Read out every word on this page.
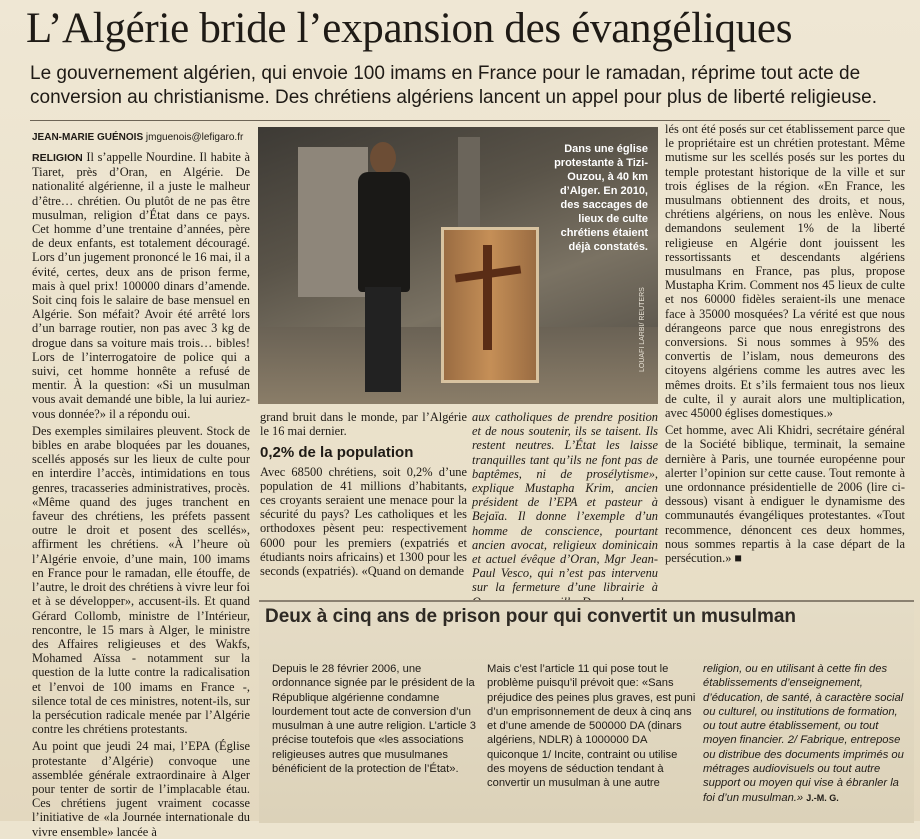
L’Algérie bride l’expansion des évangéliques
Le gouvernement algérien, qui envoie 100 imams en France pour le ramadan, réprime tout acte de conversion au christianisme. Des chrétiens algériens lancent un appel pour plus de liberté religieuse.
JEAN-MARIE GUÉNOIS jmguenois@lefigaro.fr

RELIGION Il s’appelle Nourdine. Il habite à Tiaret, près d’Oran, en Algérie. De nationalité algérienne, il a juste le malheur d’être… chrétien. Ou plutôt de ne pas être musulman, religion d’État dans ce pays. Cet homme d’une trentaine d’années, père de deux enfants, est totalement découragé. Lors d’un jugement prononcé le 16 mai, il a évité, certes, deux ans de prison ferme, mais à quel prix! 100000 dinars d’amende. Soit cinq fois le salaire de base mensuel en Algérie. Son méfait? Avoir été arrêté lors d’un barrage routier, non pas avec 3 kg de drogue dans sa voiture mais trois… bibles! Lors de l’interrogatoire de police qui a suivi, cet homme honnête a refusé de mentir. À la question: «Si un musulman vous avait demandé une bible, la lui auriez-vous donnée?» il a répondu oui.

Des exemples similaires pleuvent. Stock de bibles en arabe bloquées par les douanes, scellés apposés sur les lieux de culte pour en interdire l’accès, intimidations en tous genres, tracasseries administratives, procès. «Même quand des juges tranchent en faveur des chrétiens, les préfets passent outre le droit et posent des scellés», affirment les chrétiens. «À l’heure où l’Algérie envoie, d’une main, 100 imams en France pour le ramadan, elle étouffe, de l’autre, le droit des chrétiens à vivre leur foi et à se développer», accusent-ils. Et quand Gérard Collomb, ministre de l’Intérieur, rencontre, le 15 mars à Alger, le ministre des Affaires religieuses et des Wakfs, Mohamed Aïssa - notamment sur la question de la lutte contre la radicalisation et l’envoi de 100 imams en France -, silence total de ces ministres, notent-ils, sur la persécution radicale menée par l’Algérie contre les chrétiens protestants.

Au point que jeudi 24 mai, l’EPA (Église protestante d’Algérie) convoque une assemblée générale extraordinaire à Alger pour tenter de sortir de l’implacable étau. Ces chrétiens jugent vraiment cocasse l’initiative de «la Journée internationale du vivre ensemble» lancée à

Dans une église protestante à Tizi-Ouzou, à 40 km d’Alger. En 2010, des saccages de lieux de culte chrétiens étaient déjà constatés.
LOUAFI LARBI/ REUTERS

grand bruit dans le monde, par l’Algérie le 16 mai dernier.

0,2% de la population

Avec 68500 chrétiens, soit 0,2% d’une population de 41 millions d’habitants, ces croyants seraient une menace pour la sécurité du pays? Les catholiques et les orthodoxes pèsent peu: respectivement 6000 pour les premiers (expatriés et étudiants noirs africains) et 1300 pour les seconds (expatriés). «Quand on demande

aux catholiques de prendre position et de nous soutenir, ils se taisent. Ils restent neutres. L’État les laisse tranquilles tant qu’ils ne font pas de baptêmes, ni de prosélytisme», explique Mustapha Krim, ancien président de l’EPA et pasteur à Bejaïa. Il donne l’exemple d’un homme de conscience, pourtant ancien avocat, religieux dominicain et actuel évêque d’Oran, Mgr Jean-Paul Vesco, qui n’est pas intervenu sur la fermeture d’une librairie à

lés ont été posés sur cet établissement parce que le propriétaire est un chrétien protestant. Même mutisme sur les scellés posés sur les portes du temple protestant historique de la ville et sur trois églises de la région. «En France, les musulmans obtiennent des droits, et nous, chrétiens algériens, on nous les enlève. Nous demandons seulement 1% de la liberté religieuse en Algérie dont jouissent les ressortissants et descendants algériens musulmans en France, pas plus, propose Mustapha Krim. Comment nos 45 lieux de culte et nos 60000 fidèles seraient-ils une menace face à 35000 mosquées? La vérité est que nous dérangeons parce que nous enregistrons des conversions. Si nous sommes à 95% des convertis de l’islam, nous demeurons des citoyens algériens comme les autres avec les mêmes droits. Et s’ils fermaient tous nos lieux de culte, il y aurait alors une multiplication, avec 45000 églises domestiques.»

Cet homme, avec Ali Khidri, secrétaire général de la Société biblique, terminait, la semaine dernière à Paris, une tournée européenne pour alerter l’opinion sur cette cause. Tout remonte à une ordonnance présidentielle de 2006 (lire ci-dessous) visant à endiguer le dynamisme des communautés évangéliques protestantes. «Tout recommence, dénoncent ces deux hommes, nous sommes repartis à la case départ de la persécution.» ■

Deux à cinq ans de prison pour qui convertit un musulman
Depuis le 28 février 2006, une ordonnance signée par le président de la République algérienne condamne lourdement tout acte de conversion d’un musulman à une autre religion. L’article 3 précise toutefois que «les associations religieuses autres que musulmanes bénéficient de la protection de l’État».
Mais c’est l’article 11 qui pose tout le problème puisqu’il prévoit que: «Sans préjudice des peines plus graves, est puni d’un emprisonnement de deux à cinq ans et d’une amende de 500000 DA (dinars algériens, NDLR) à 1000000 DA quiconque 1/ Incite, contraint ou utilise des moyens de séduction tendant à convertir un musulman à une autre
religion, ou en utilisant à cette fin des établissements d’enseignement, d’éducation, de santé, à caractère social ou culturel, ou institutions de formation, ou tout autre établissement, ou tout moyen financier. 2/ Fabrique, entrepose ou distribue des documents imprimés ou métrages audiovisuels ou tout autre support ou moyen qui vise à ébranler la foi d’un musulman.» J.-M. G.
